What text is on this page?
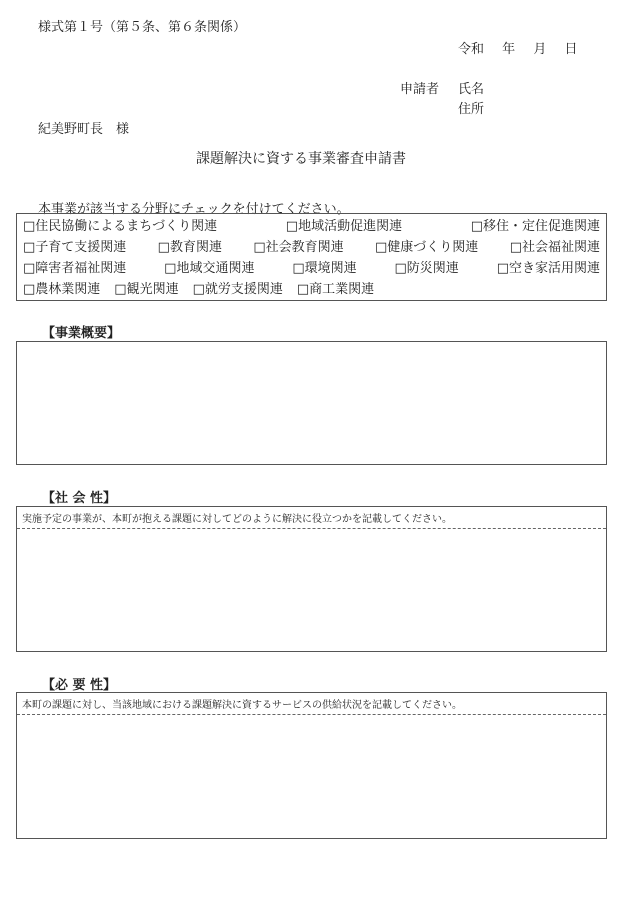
様式第１号（第５条、第６条関係）
令和 年 月 日
申請者 氏名
住所
紀美野町長　様
課題解決に資する事業審査申請書
本事業が該当する分野にチェックを付けてください。
□住民協働によるまちづくり関連	□地域活動促進関連	□移住・定住促進関連
□子育て支援関連 □教育関連 □社会教育関連 □健康づくり関連 □社会福祉関連
□障害者福祉関連	□地域交通関連	□環境関連	□防災関連	□空き家活用関連
□農林業関連 □観光関連 □就労支援関連 □商工業関連
【事業概要】
【社 会 性】
実施予定の事業が、本町が抱える課題に対してどのように解決に役立つかを記載してください。
【必 要 性】
本町の課題に対し、当該地域における課題解決に資するサービスの供給状況を記載してください。
